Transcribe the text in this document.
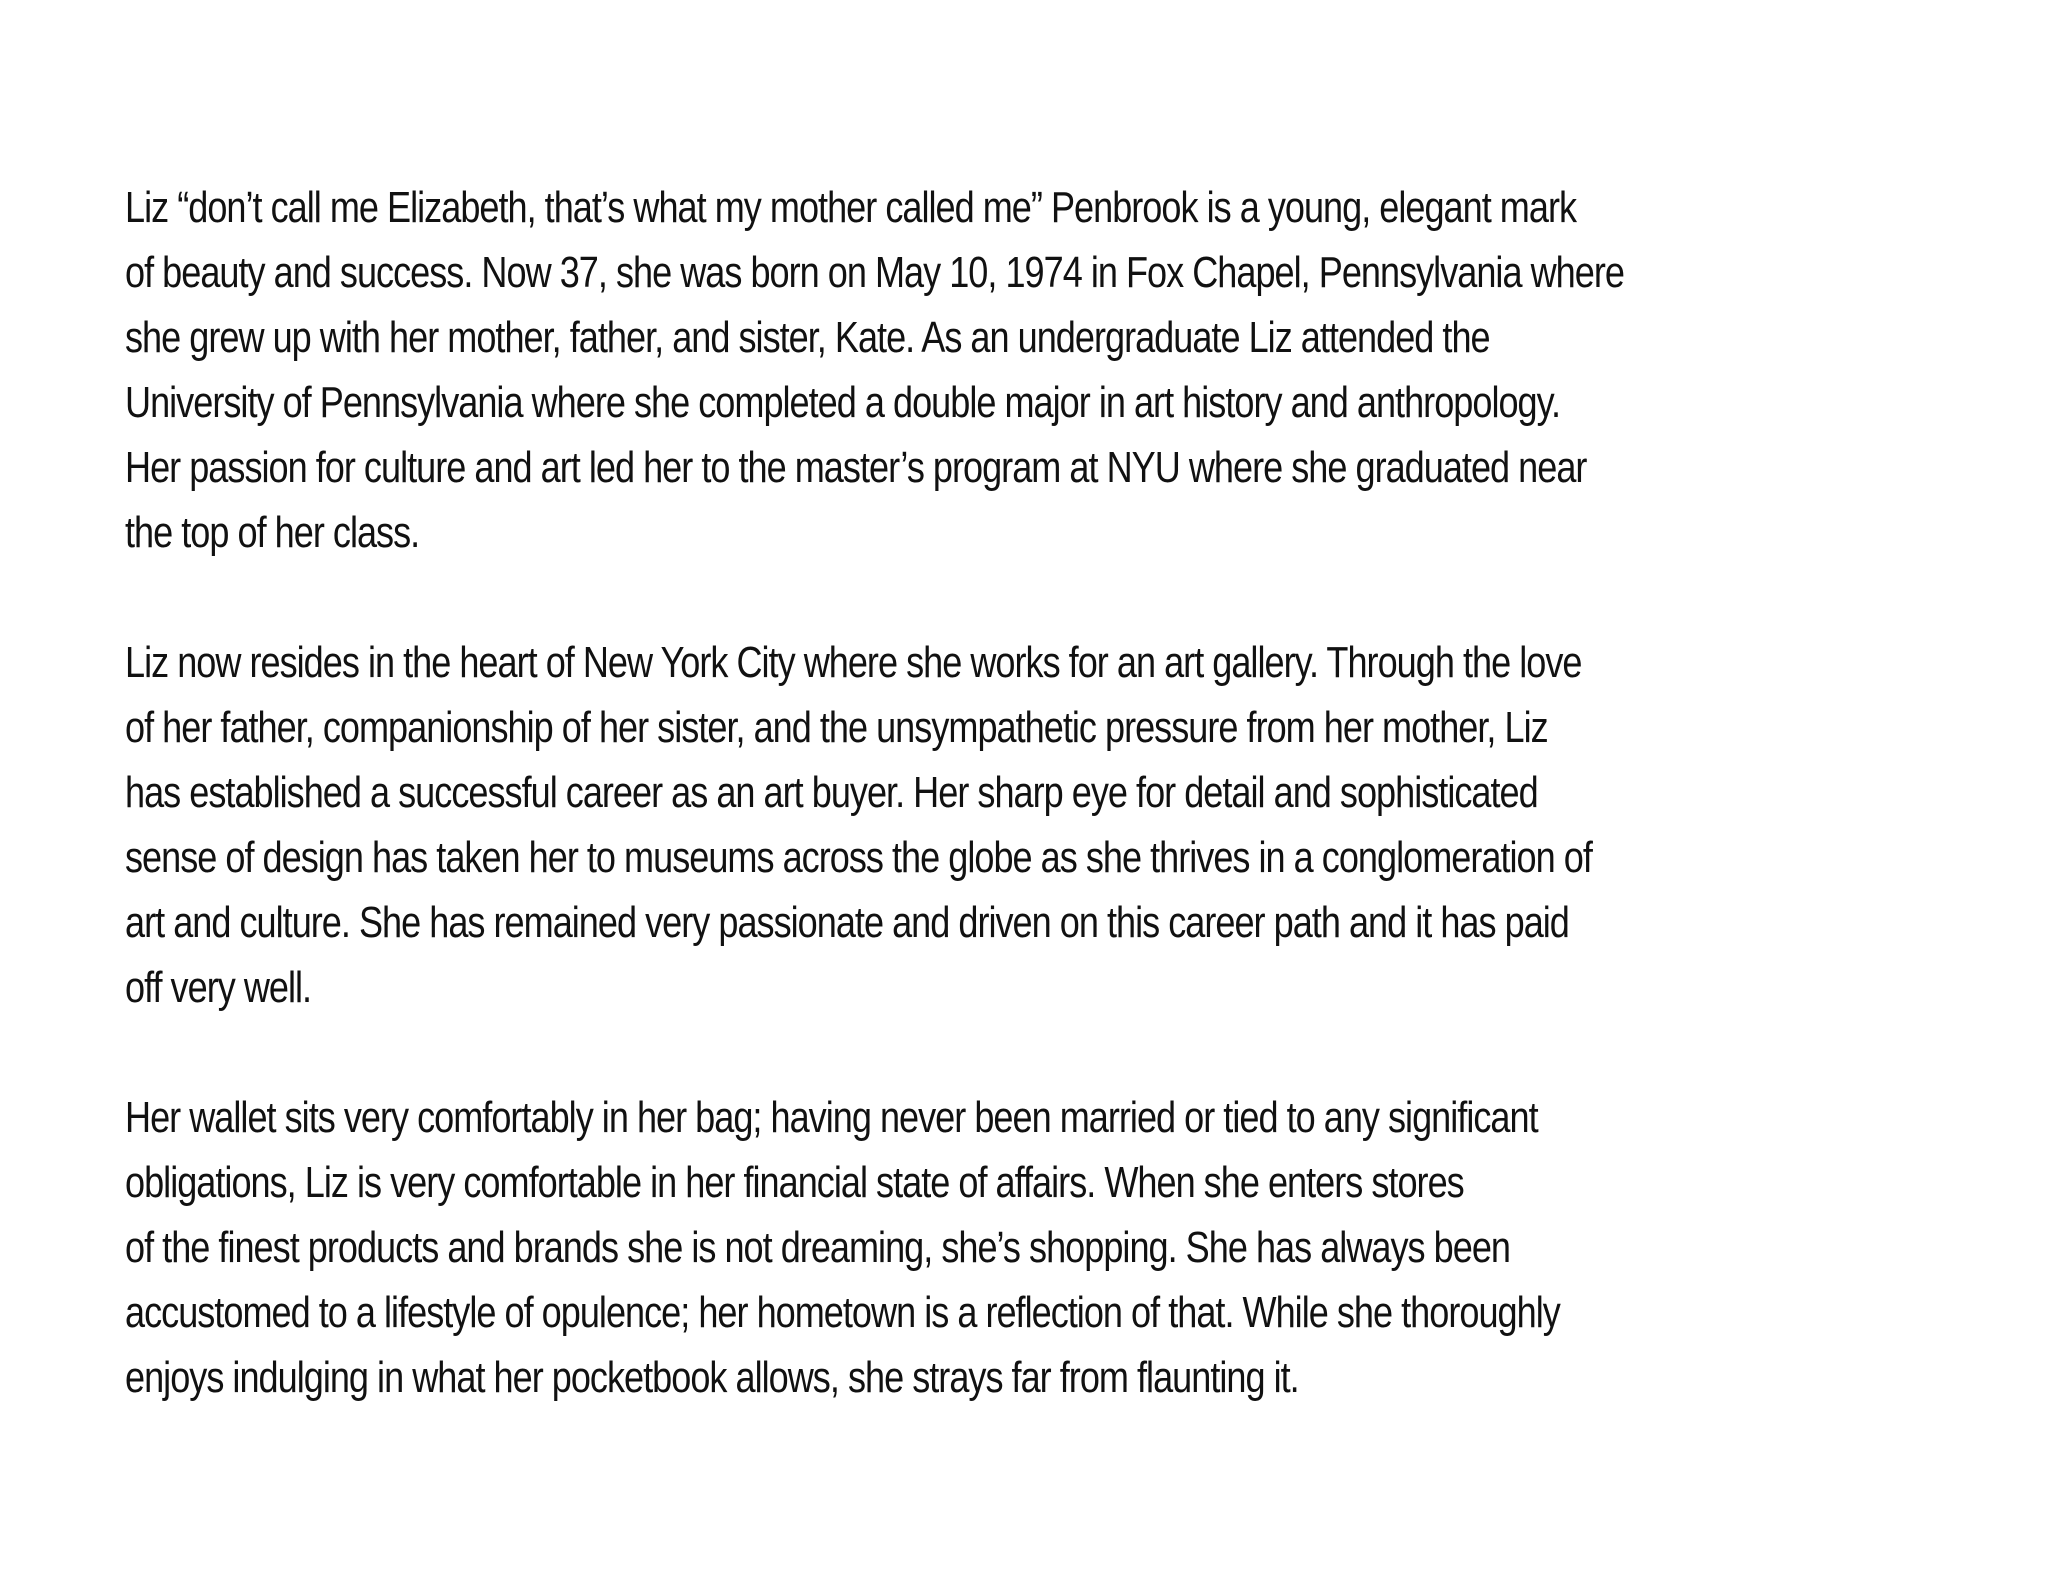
Liz “don’t call me Elizabeth, that’s what my mother called me” Penbrook is a young, elegant mark
of beauty and success. Now 37, she was born on May 10, 1974 in Fox Chapel, Pennsylvania where
she grew up with her mother, father, and sister, Kate. As an undergraduate Liz attended the
University of Pennsylvania where she completed a double major in art history and anthropology.
Her passion for culture and art led her to the master’s program at NYU where she graduated near
the top of her class.

Liz now resides in the heart of New York City where she works for an art gallery. Through the love
of her father, companionship of her sister, and the unsympathetic pressure from her mother, Liz
has established a successful career as an art buyer. Her sharp eye for detail and sophisticated
sense of design has taken her to museums across the globe as she thrives in a conglomeration of
art and culture. She has remained very passionate and driven on this career path and it has paid
off very well.

Her wallet sits very comfortably in her bag; having never been married or tied to any significant
obligations, Liz is very comfortable in her financial state of affairs. When she enters stores
of the finest products and brands she is not dreaming, she’s shopping. She has always been
accustomed to a lifestyle of opulence; her hometown is a reflection of that. While she thoroughly
enjoys indulging in what her pocketbook allows, she strays far from flaunting it.
